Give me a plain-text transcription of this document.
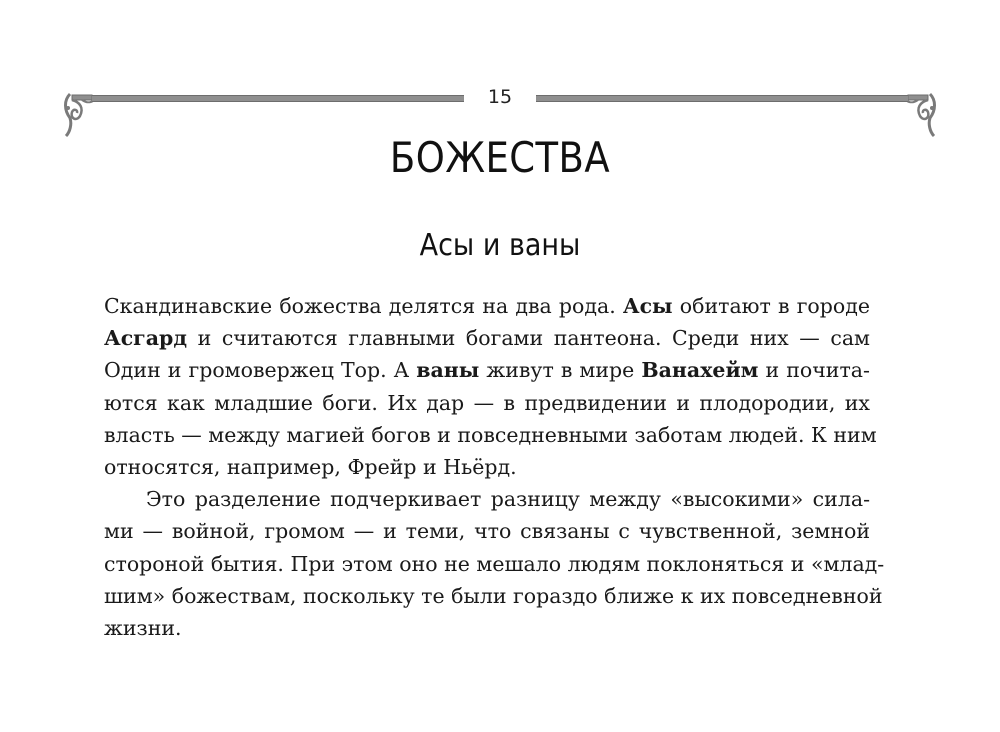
15
БОЖЕСТВА
Асы и ваны

Скандинавские божества делятся на два рода. Асы обитают в городе
Асгард и считаются главными богами пантеона. Среди них — сам
Один и громовержец Тор. А ваны живут в мире Ванахейм и почита-
ются как младшие боги. Их дар — в предвидении и плодородии, их
власть — между магией богов и повседневными заботам людей. К ним
относятся, например, Фрейр и Ньёрд.

Это разделение подчеркивает разницу между «высокими» сила-
ми — войной, громом — и теми, что связаны с чувственной, земной
стороной бытия. При этом оно не мешало людям поклоняться и «млад-
шим» божествам, поскольку те были гораздо ближе к их повседневной
жизни.
